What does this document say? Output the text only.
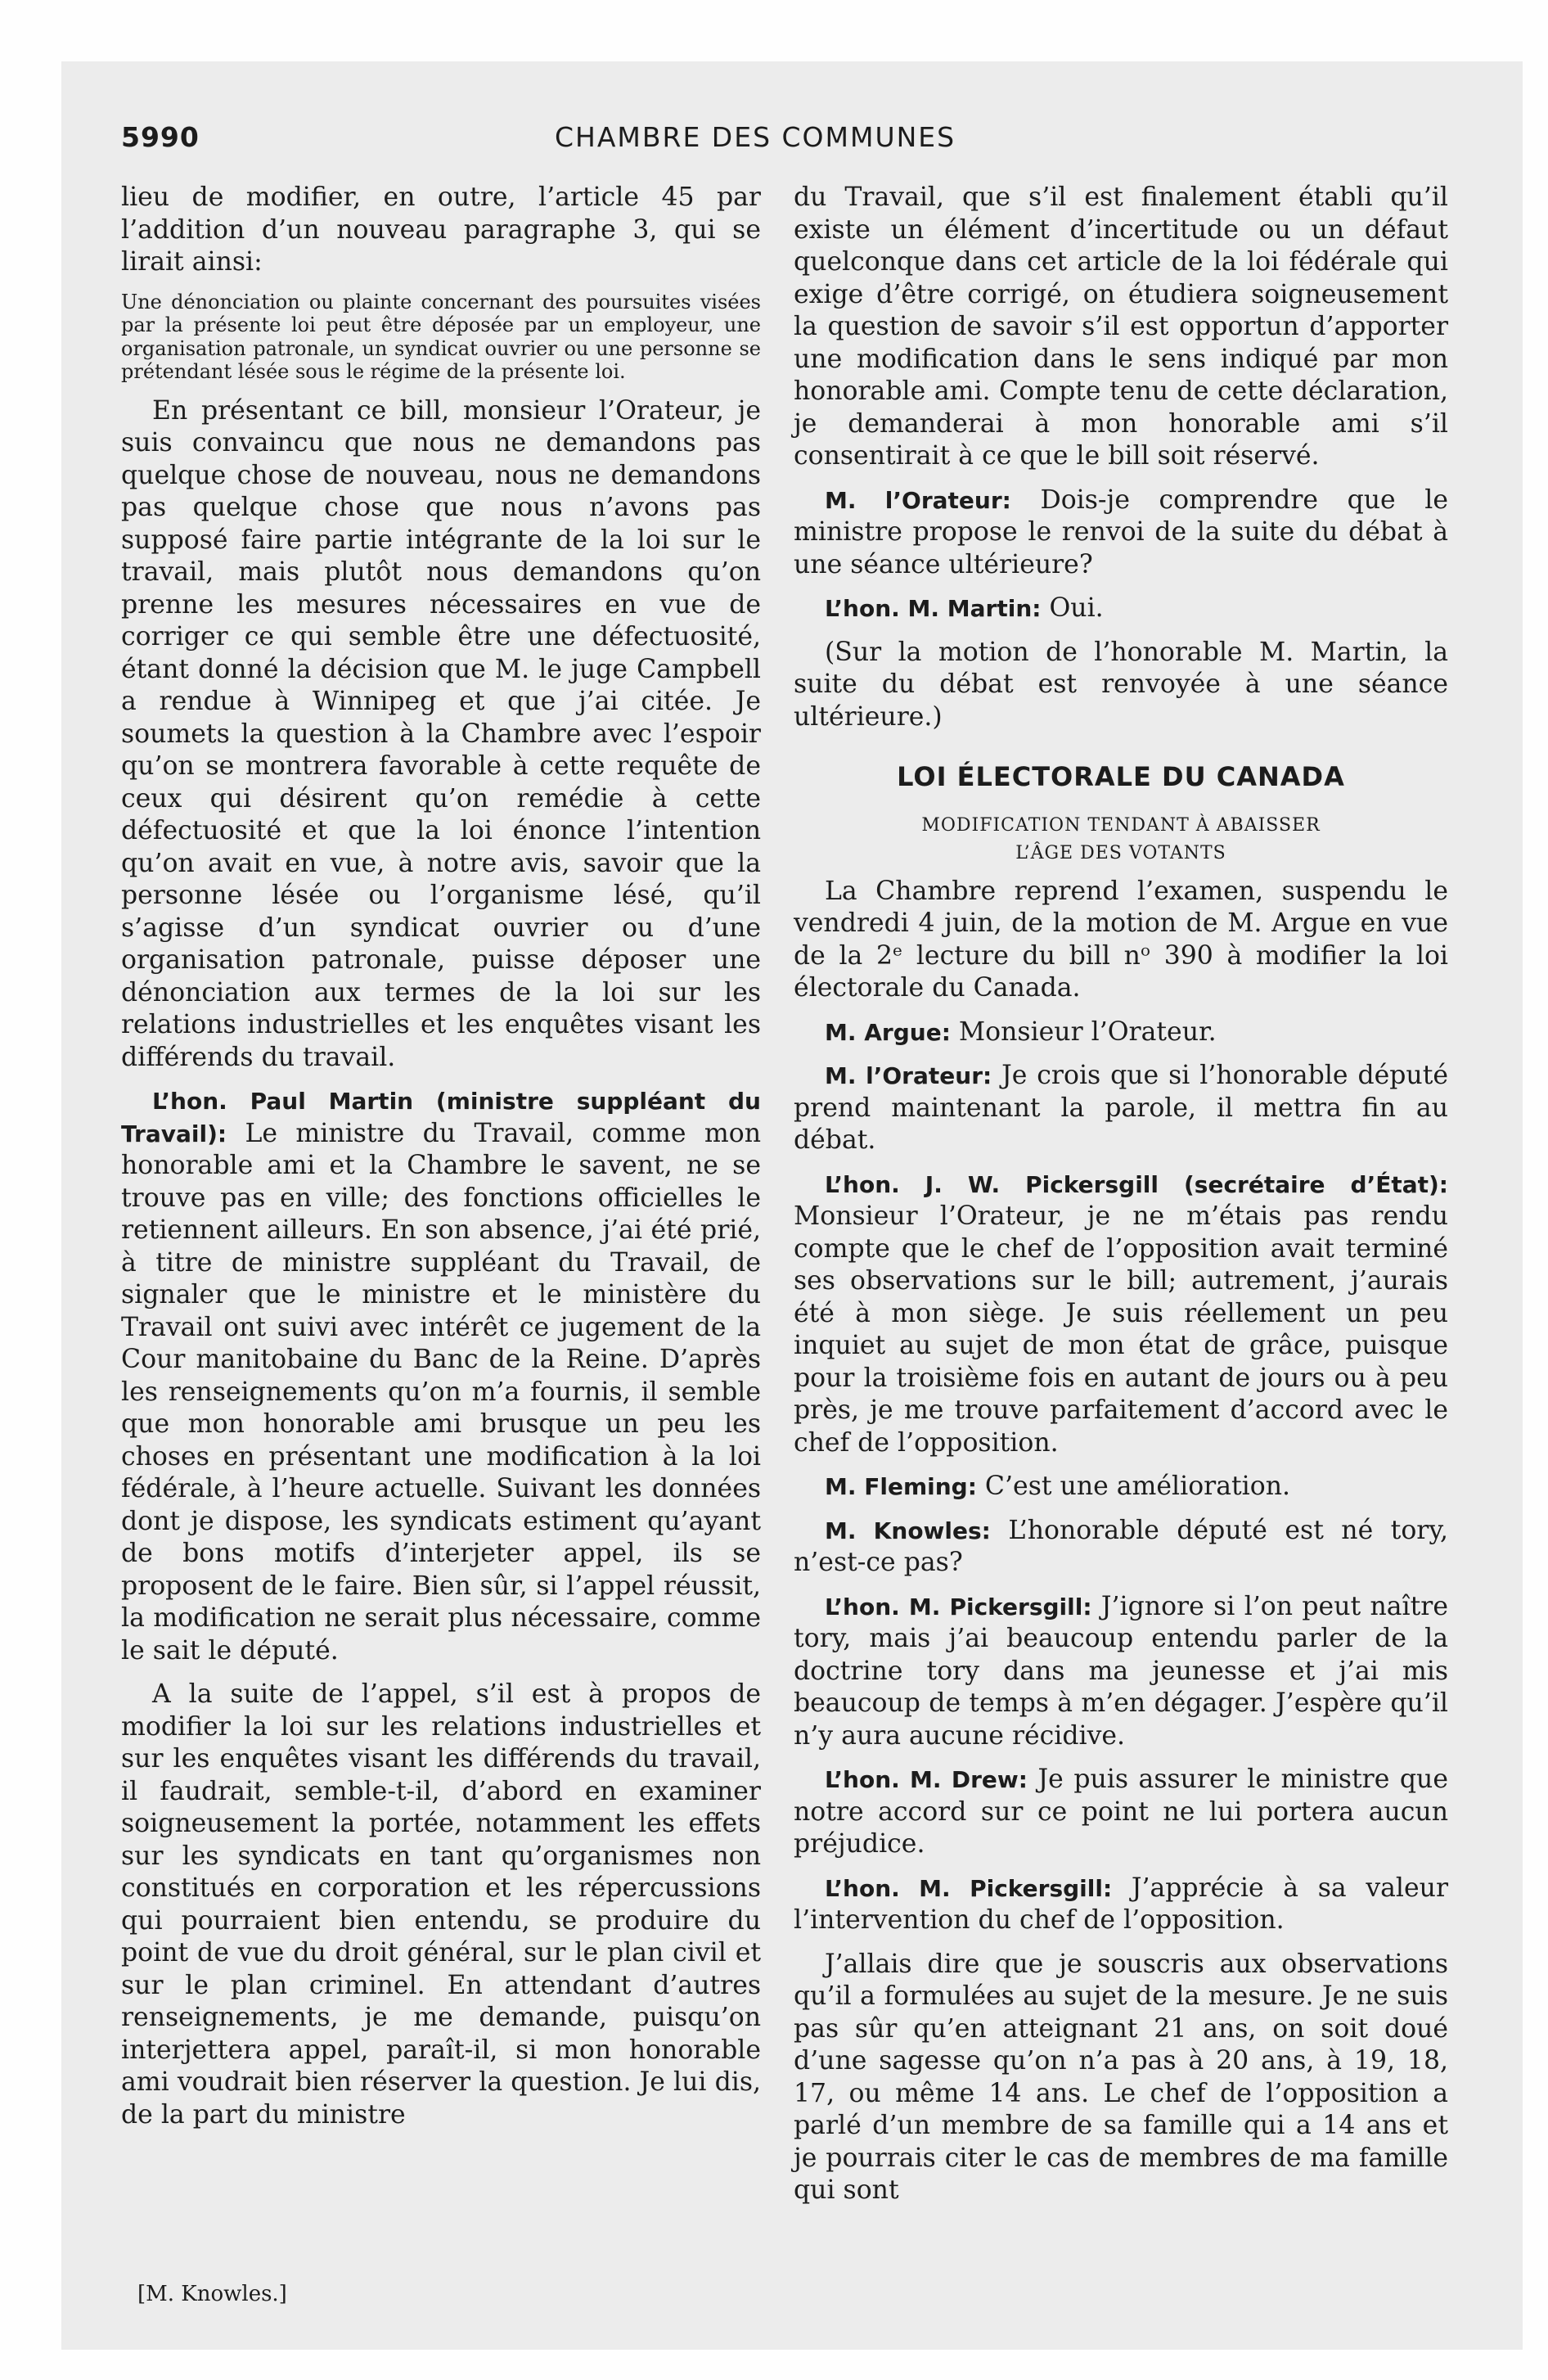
5990	CHAMBRE DES COMMUNES

lieu de modifier, en outre, l’article 45 par l’addition d’un nouveau paragraphe 3, qui se lirait ainsi:

Une dénonciation ou plainte concernant des poursuites visées par la présente loi peut être déposée par un employeur, une organisation patronale, un syndicat ouvrier ou une personne se prétendant lésée sous le régime de la présente loi.

En présentant ce bill, monsieur l’Orateur, je suis convaincu que nous ne demandons pas quelque chose de nouveau, nous ne demandons pas quelque chose que nous n’avons pas supposé faire partie intégrante de la loi sur le travail, mais plutôt nous demandons qu’on prenne les mesures nécessaires en vue de corriger ce qui semble être une défectuosité, étant donné la décision que M. le juge Campbell a rendue à Winnipeg et que j’ai citée. Je soumets la question à la Chambre avec l’espoir qu’on se montrera favorable à cette requête de ceux qui désirent qu’on remédie à cette défectuosité et que la loi énonce l’intention qu’on avait en vue, à notre avis, savoir que la personne lésée ou l’organisme lésé, qu’il s’agisse d’un syndicat ouvrier ou d’une organisation patronale, puisse déposer une dénonciation aux termes de la loi sur les relations industrielles et les enquêtes visant les différends du travail.

L’hon. Paul Martin (ministre suppléant du Travail): Le ministre du Travail, comme mon honorable ami et la Chambre le savent, ne se trouve pas en ville; des fonctions officielles le retiennent ailleurs. En son absence, j’ai été prié, à titre de ministre suppléant du Travail, de signaler que le ministre et le ministère du Travail ont suivi avec intérêt ce jugement de la Cour manitobaine du Banc de la Reine. D’après les renseignements qu’on m’a fournis, il semble que mon honorable ami brusque un peu les choses en présentant une modification à la loi fédérale, à l’heure actuelle. Suivant les données dont je dispose, les syndicats estiment qu’ayant de bons motifs d’interjeter appel, ils se proposent de le faire. Bien sûr, si l’appel réussit, la modification ne serait plus nécessaire, comme le sait le député.

A la suite de l’appel, s’il est à propos de modifier la loi sur les relations industrielles et sur les enquêtes visant les différends du travail, il faudrait, semble-t-il, d’abord en examiner soigneusement la portée, notamment les effets sur les syndicats en tant qu’organismes non constitués en corporation et les répercussions qui pourraient bien entendu, se produire du point de vue du droit général, sur le plan civil et sur le plan criminel. En attendant d’autres renseignements, je me demande, puisqu’on interjettera appel, paraît-il, si mon honorable ami voudrait bien réserver la question. Je lui dis, de la part du ministre

du Travail, que s’il est finalement établi qu’il existe un élément d’incertitude ou un défaut quelconque dans cet article de la loi fédérale qui exige d’être corrigé, on étudiera soigneusement la question de savoir s’il est opportun d’apporter une modification dans le sens indiqué par mon honorable ami. Compte tenu de cette déclaration, je demanderai à mon honorable ami s’il consentirait à ce que le bill soit réservé.

M. l’Orateur: Dois-je comprendre que le ministre propose le renvoi de la suite du débat à une séance ultérieure?

L’hon. M. Martin: Oui.

(Sur la motion de l’honorable M. Martin, la suite du débat est renvoyée à une séance ultérieure.)

LOI ÉLECTORALE DU CANADA

MODIFICATION TENDANT À ABAISSER
L’ÂGE DES VOTANTS

La Chambre reprend l’examen, suspendu le vendredi 4 juin, de la motion de M. Argue en vue de la 2ᵉ lecture du bill nᵒ 390 à modifier la loi électorale du Canada.

M. Argue: Monsieur l’Orateur.

M. l’Orateur: Je crois que si l’honorable député prend maintenant la parole, il mettra fin au débat.

L’hon. J. W. Pickersgill (secrétaire d’État): Monsieur l’Orateur, je ne m’étais pas rendu compte que le chef de l’opposition avait terminé ses observations sur le bill; autrement, j’aurais été à mon siège. Je suis réellement un peu inquiet au sujet de mon état de grâce, puisque pour la troisième fois en autant de jours ou à peu près, je me trouve parfaitement d’accord avec le chef de l’opposition.

M. Fleming: C’est une amélioration.

M. Knowles: L’honorable député est né tory, n’est-ce pas?

L’hon. M. Pickersgill: J’ignore si l’on peut naître tory, mais j’ai beaucoup entendu parler de la doctrine tory dans ma jeunesse et j’ai mis beaucoup de temps à m’en dégager. J’espère qu’il n’y aura aucune récidive.

L’hon. M. Drew: Je puis assurer le ministre que notre accord sur ce point ne lui portera aucun préjudice.

L’hon. M. Pickersgill: J’apprécie à sa valeur l’intervention du chef de l’opposition.

J’allais dire que je souscris aux observations qu’il a formulées au sujet de la mesure. Je ne suis pas sûr qu’en atteignant 21 ans, on soit doué d’une sagesse qu’on n’a pas à 20 ans, à 19, 18, 17, ou même 14 ans. Le chef de l’opposition a parlé d’un membre de sa famille qui a 14 ans et je pourrais citer le cas de membres de ma famille qui sont

[M. Knowles.]
